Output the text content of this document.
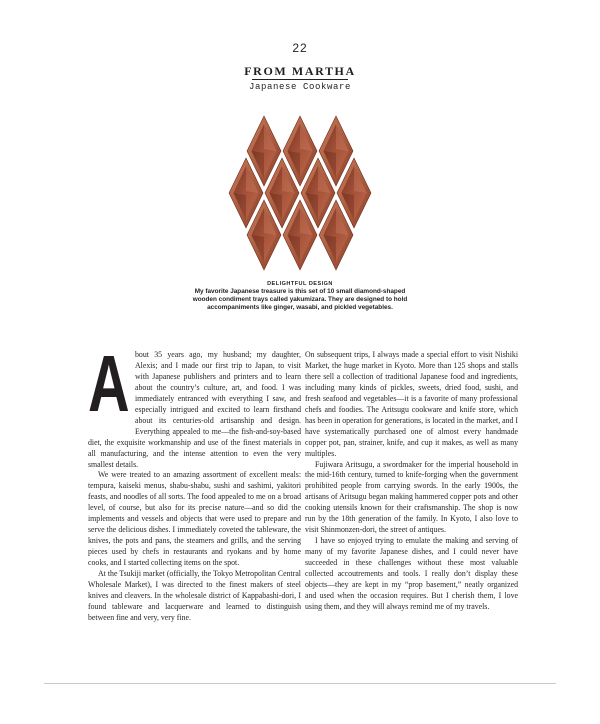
22
FROM MARTHA
Japanese Cookware
DELIGHTFUL DESIGN
My favorite Japanese treasure is this set of 10 small diamond-shaped
wooden condiment trays called yakumizara. They are designed to hold
accompaniments like ginger, wasabi, and pickled vegetables.
A bout 35 years ago, my husband; my daughter, Alexis; and I made our first trip to Japan, to visit with Japanese publishers and printers and to learn about the country’s culture, art, and food. I was immediately entranced with everything I saw, and especially intrigued and excited to learn firsthand about its centuries-old artisanship and design. Everything appealed to me—the fish-and-soy-based diet, the exquisite workmanship and use of the finest materials in all manufacturing, and the intense attention to even the very smallest details.

We were treated to an amazing assortment of excellent meals: tempura, kaiseki menus, shabu-shabu, sushi and sashimi, yakitori feasts, and noodles of all sorts. The food appealed to me on a broad level, of course, but also for its precise nature—and so did the implements and vessels and objects that were used to prepare and serve the delicious dishes. I immediately coveted the tableware, the knives, the pots and pans, the steamers and grills, and the serving pieces used by chefs in restaurants and ryokans and by home cooks, and I started collecting items on the spot.

At the Tsukiji market (officially, the Tokyo Metropolitan Central Wholesale Market), I was directed to the finest makers of steel knives and cleavers. In the wholesale district of Kappabashi-dori, I found tableware and lacquerware and learned to distinguish between fine and very, very fine.

On subsequent trips, I always made a special effort to visit Nishiki Market, the huge market in Kyoto. More than 125 shops and stalls there sell a collection of traditional Japanese food and ingredients, including many kinds of pickles, sweets, dried food, sushi, and fresh seafood and vegetables—it is a favorite of many professional chefs and foodies. The Aritsugu cookware and knife store, which has been in operation for generations, is located in the market, and I have systematically purchased one of almost every handmade copper pot, pan, strainer, knife, and cup it makes, as well as many multiples.

Fujiwara Aritsugu, a swordmaker for the imperial household in the mid-16th century, turned to knife-forging when the government prohibited people from carrying swords. In the early 1900s, the artisans of Aritsugu began making hammered copper pots and other cooking utensils known for their craftsmanship. The shop is now run by the 18th generation of the family. In Kyoto, I also love to visit Shinmonzen-dori, the street of antiques.

I have so enjoyed trying to emulate the making and serving of many of my favorite Japanese dishes, and I could never have succeeded in these challenges without these most valuable collected accoutrements and tools. I really don’t display these objects—they are kept in my “prop basement,” neatly organized and used when the occasion requires. But I cherish them, I love using them, and they will always remind me of my travels.
